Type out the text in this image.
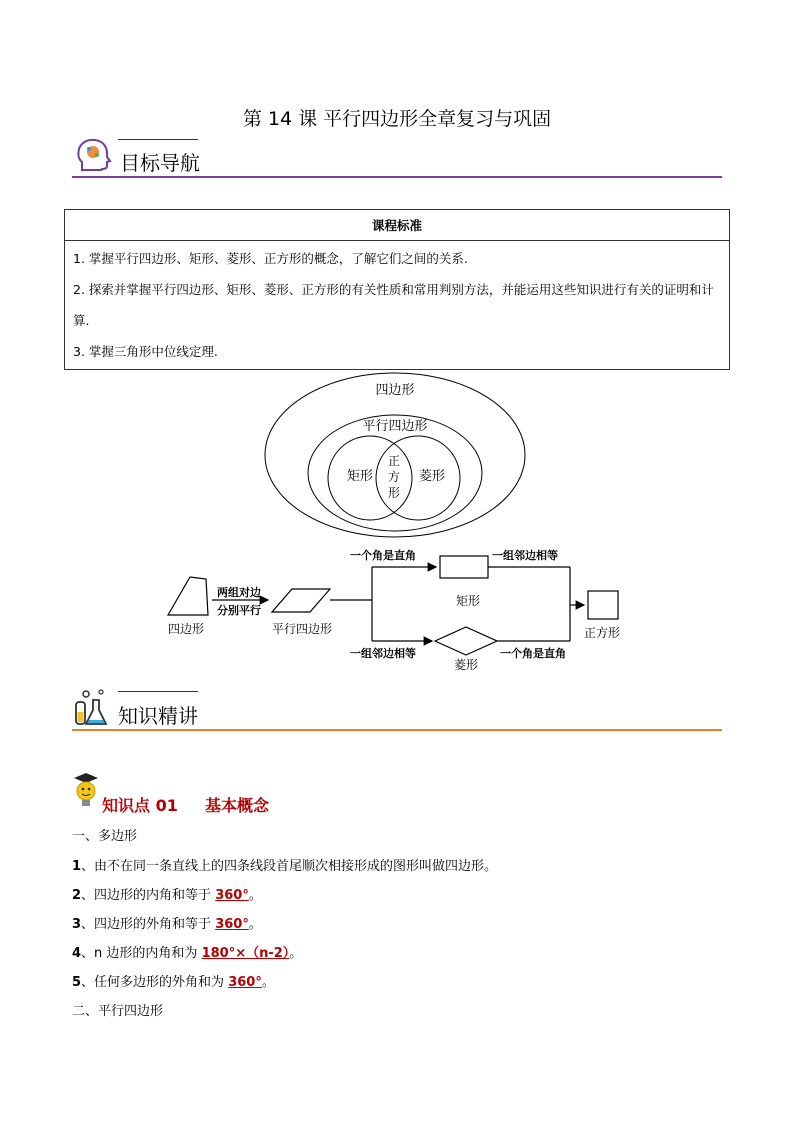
第 14 课 平行四边形全章复习与巩固
目标导航
课程标准

1. 掌握平行四边形、矩形、菱形、正方形的概念，了解它们之间的关系.
2. 探索并掌握平行四边形、矩形、菱形、正方形的有关性质和常用判别方法，并能运用这些知识进行有关的证明和计算.
3. 掌握三角形中位线定理.
四边形
平行四边形
矩形	菱形
正
方
形
四边形
两组对边
分别平行
平行四边形
一个角是直角
一组邻边相等
矩形
菱形
一组邻边相等
一个角是直角
正方形
知识精讲
知识点 01 基本概念
一、多边形
1、由不在同一条直线上的四条线段首尾顺次相接形成的图形叫做四边形。
2、四边形的内角和等于 360°。
3、四边形的外角和等于 360°。
4、n 边形的内角和为 180°×（n-2）。
5、任何多边形的外角和为 360°。
二、平行四边形
